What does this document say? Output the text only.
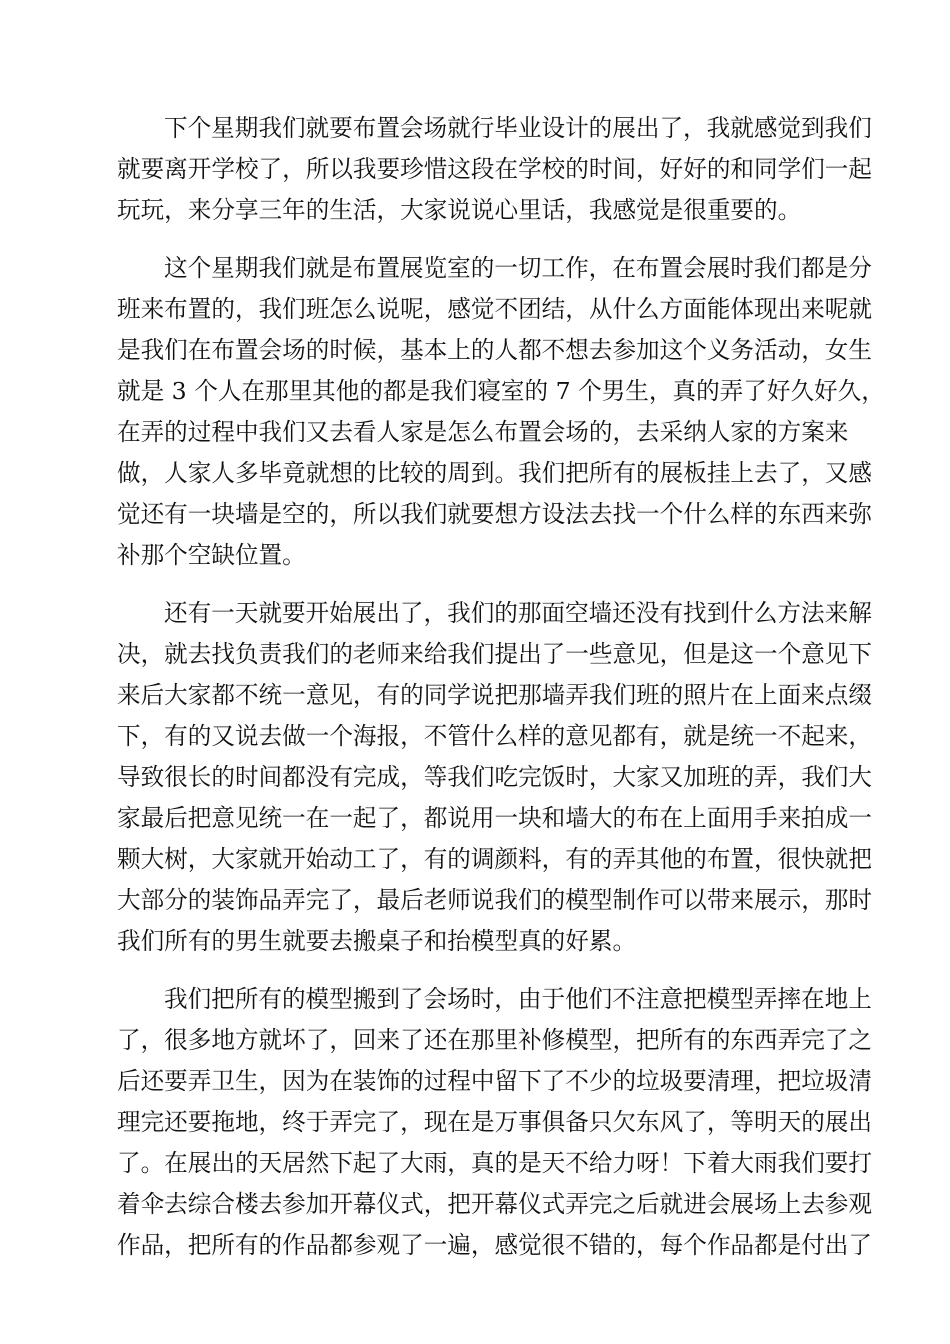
下个星期我们就要布置会场就行毕业设计的展出了，我就感觉到我们
就要离开学校了，所以我要珍惜这段在学校的时间，好好的和同学们一起
玩玩，来分享三年的生活，大家说说心里话，我感觉是很重要的。

这个星期我们就是布置展览室的一切工作，在布置会展时我们都是分
班来布置的，我们班怎么说呢，感觉不团结，从什么方面能体现出来呢就
是我们在布置会场的时候，基本上的人都不想去参加这个义务活动，女生
就是 3 个人在那里其他的都是我们寝室的 7 个男生，真的弄了好久好久，
在弄的过程中我们又去看人家是怎么布置会场的，去采纳人家的方案来
做，人家人多毕竟就想的比较的周到。我们把所有的展板挂上去了，又感
觉还有一块墙是空的，所以我们就要想方设法去找一个什么样的东西来弥
补那个空缺位置。

还有一天就要开始展出了，我们的那面空墙还没有找到什么方法来解
决，就去找负责我们的老师来给我们提出了一些意见，但是这一个意见下
来后大家都不统一意见，有的同学说把那墙弄我们班的照片在上面来点缀
下，有的又说去做一个海报，不管什么样的意见都有，就是统一不起来，
导致很长的时间都没有完成，等我们吃完饭时，大家又加班的弄，我们大
家最后把意见统一在一起了，都说用一块和墙大的布在上面用手来拍成一
颗大树，大家就开始动工了，有的调颜料，有的弄其他的布置，很快就把
大部分的装饰品弄完了，最后老师说我们的模型制作可以带来展示，那时
我们所有的男生就要去搬桌子和抬模型真的好累。

我们把所有的模型搬到了会场时，由于他们不注意把模型弄摔在地上
了，很多地方就坏了，回来了还在那里补修模型，把所有的东西弄完了之
后还要弄卫生，因为在装饰的过程中留下了不少的垃圾要清理，把垃圾清
理完还要拖地，终于弄完了，现在是万事俱备只欠东风了，等明天的展出
了。在展出的天居然下起了大雨，真的是天不给力呀！下着大雨我们要打
着伞去综合楼去参加开幕仪式，把开幕仪式弄完之后就进会展场上去参观
作品，把所有的作品都参观了一遍，感觉很不错的，每个作品都是付出了
